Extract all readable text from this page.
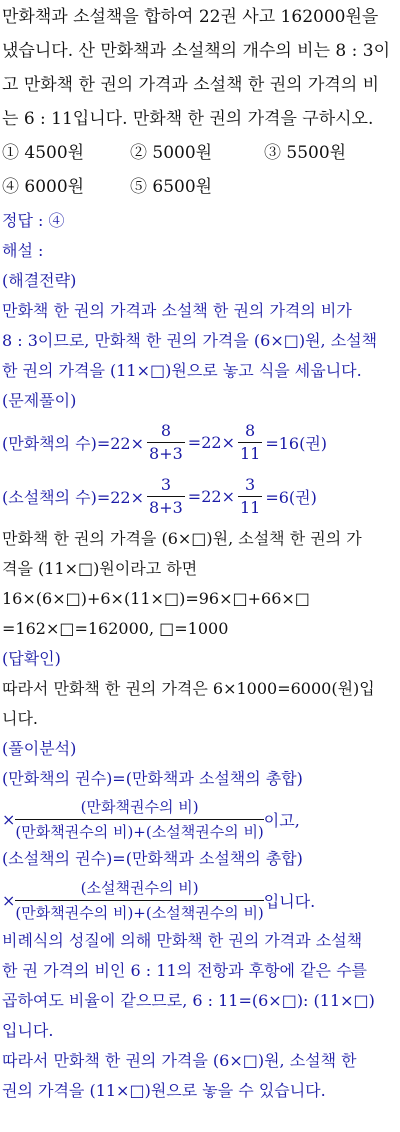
만화책과 소설책을 합하여 22권 사고 162000원을
냈습니다. 산 만화책과 소설책의 개수의 비는 8 : 3이
고 만화책 한 권의 가격과 소설책 한 권의 가격의 비
는 6 : 11입니다. 만화책 한 권의 가격을 구하시오.
① 4500원	② 5000원	③ 5500원
④ 6000원	⑤ 6500원
정답 : ④
해설 :
(해결전략)
만화책 한 권의 가격과 소설책 한 권의 가격의 비가
8 : 3이므로, 만화책 한 권의 가격을 (6×□)원, 소설책
한 권의 가격을 (11×□)원으로 놓고 식을 세웁니다.
(문제풀이)
(만화책의 수)$=22\times \frac{8}{8+3} =22\times \frac{8}{11} =16$(권)
(소설책의 수)$=22\times \frac{3}{8+3} =22\times \frac{3}{11} =6$(권)
만화책 한 권의 가격을 (6×□)원, 소설책 한 권의 가
격을 (11×□)원이라고 하면
16×(6×□)+6×(11×□)=96×□+66×□
=162×□=162000, □=1000
(답확인)
따라서 만화책 한 권의 가격은 6×1000=6000(원)입
니다.
(풀이분석)
(만화책의 권수)=(만화책과 소설책의 총합)
× $\frac{\text{(만화책권수의 비)}}{\text{(만화책권수의 비)+(소설책권수의 비)}}$ 이고,
(소설책의 권수)=(만화책과 소설책의 총합)
× $\frac{\text{(소설책권수의 비)}}{\text{(만화책권수의 비)+(소설책권수의 비)}}$ 입니다.
비례식의 성질에 의해 만화책 한 권의 가격과 소설책
한 권 가격의 비인 6 : 11의 전항과 후항에 같은 수를
곱하여도 비율이 같으므로, 6 : 11=(6×□): (11×□)
입니다.
따라서 만화책 한 권의 가격을 (6×□)원, 소설책 한
권의 가격을 (11×□)원으로 놓을 수 있습니다.
